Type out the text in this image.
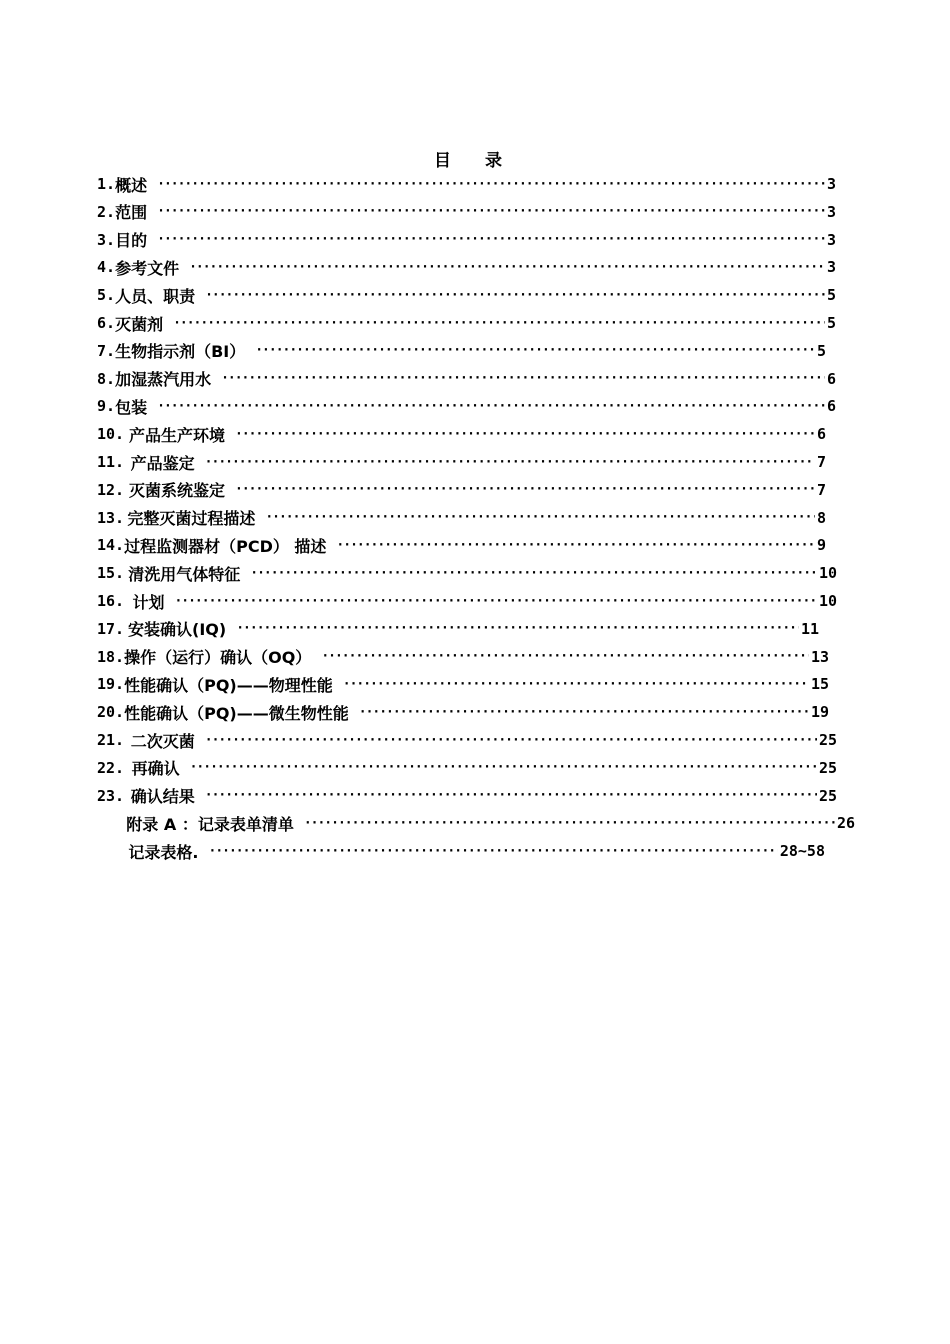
目 录
1. 概述 ·····	3
2. 范围 ·····	3
3. 目的 ·····	3
4. 参考文件 ·····	3
5. 人员、职责 ·····	5
6. 灭菌剂 ·····	5
7. 生物指示剂（BI） ·····	5
8. 加湿蒸汽用水 ·····	6
9. 包装 ·····	6
10. 产品生产环境 ·····	6
11. 产品鉴定 ·····	7
12. 灭菌系统鉴定 ·····	7
13. 完整灭菌过程描述 ·····	8
14. 过程监测器材（PCD） 描述 ·····	9
15. 清洗用气体特征 ·····	10
16. 计划 ·····	10
17. 安装确认(IQ) ·····	11
18. 操作（运行）确认（OQ） ·····	13
19. 性能确认（PQ)——物理性能 ·····	15
20. 性能确认（PQ)——微生物性能 ·····	19
21. 二次灭菌 ·····	25
22. 再确认 ·····	25
23. 确认结果 ·····	25
附录 A ：记录表单清单 ·····	26
记录表格. ·····	28~58
